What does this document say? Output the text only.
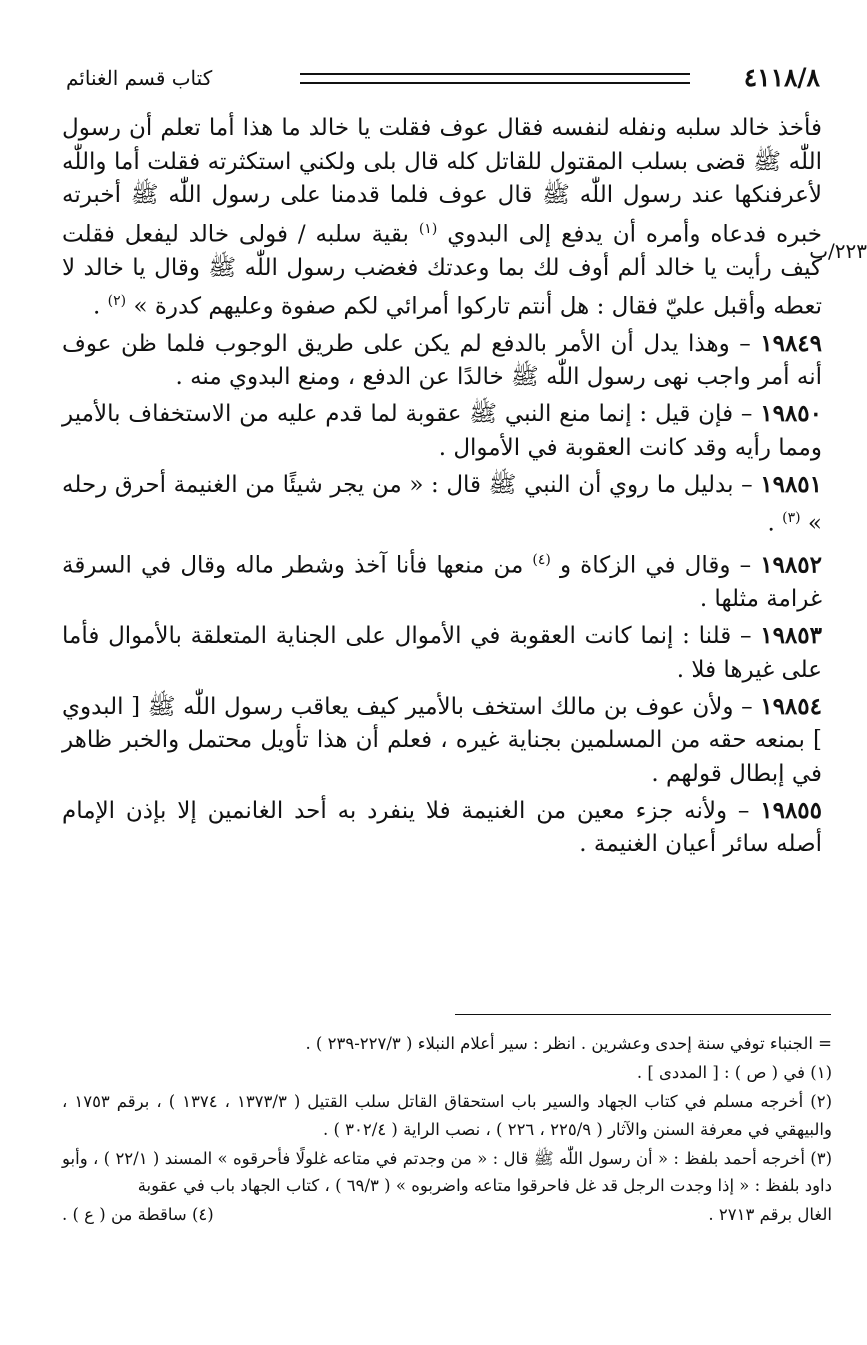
٤١١٨/٨
كتاب قسم الغنائم
٢٢٣/ب

فأخذ خالد سلبه ونفله لنفسه فقال عوف فقلت يا خالد ما هذا أما تعلم أن رسول اللّٰه ﷺ قضى بسلب المقتول للقاتل كله قال بلى ولكني استكثرته فقلت أما واللّٰه لأعرفنكها عند رسول اللّٰه ﷺ قال عوف فلما قدمنا على رسول اللّٰه ﷺ أخبرته خبره فدعاه وأمره أن يدفع إلى البدوي $^{(١)}$ بقية سلبه / فولى خالد ليفعل فقلت كيف رأيت يا خالد ألم أوف لك بما وعدتك فغضب رسول اللّٰه ﷺ وقال يا خالد لا تعطه وأقبل عليّ فقال : هل أنتم تاركوا أمرائي لكم صفوة وعليهم كدرة » $^{(٢)}$ .

١٩٨٤٩ – وهذا يدل أن الأمر بالدفع لم يكن على طريق الوجوب فلما ظن عوف أنه أمر واجب نهى رسول اللّٰه ﷺ خالدًا عن الدفع ، ومنع البدوي منه .

١٩٨٥٠ – فإن قيل : إنما منع النبي ﷺ عقوبة لما قدم عليه من الاستخفاف بالأمير ومما رأيه وقد كانت العقوبة في الأموال .

١٩٨٥١ – بدليل ما روي أن النبي ﷺ قال : « من يجر شيئًا من الغنيمة أحرق رحله » $^{(٣)}$ .

١٩٨٥٢ – وقال في الزكاة و $^{(٤)}$ من منعها فأنا آخذ وشطر ماله وقال في السرقة غرامة مثلها .

١٩٨٥٣ – قلنا : إنما كانت العقوبة في الأموال على الجناية المتعلقة بالأموال فأما على غيرها فلا .

١٩٨٥٤ – ولأن عوف بن مالك استخف بالأمير كيف يعاقب رسول اللّٰه ﷺ [ البدوي ] بمنعه حقه من المسلمين بجناية غيره ، فعلم أن هذا تأويل محتمل والخبر ظاهر في إبطال قولهم .

١٩٨٥٥ – ولأنه جزء معين من الغنيمة فلا ينفرد به أحد الغانمين إلا بإذن الإمام أصله سائر أعيان الغنيمة .

= الجنباء توفي سنة إحدى وعشرين . انظر : سير أعلام النبلاء ( ٢٢٧/٣-٢٣٩ ) .

(١) في ( ص ) : [ المددى ] .

(٢) أخرجه مسلم في كتاب الجهاد والسير باب استحقاق القاتل سلب القتيل ( ١٣٧٣/٣ ، ١٣٧٤ ) ، برقم ١٧٥٣ ، والبيهقي في معرفة السنن والآثار ( ٢٢٥/٩ ، ٢٢٦ ) ، نصب الراية ( ٣٠٢/٤ ) .

(٣) أخرجه أحمد بلفظ : « أن رسول اللّٰه ﷺ قال : « من وجدتم في متاعه غلولًا فأحرقوه » المسند ( ٢٢/١ ) ، وأبو داود بلفظ : « إذا وجدت الرجل قد غل فاحرقوا متاعه واضربوه » ( ٦٩/٣ ) ، كتاب الجهاد باب في عقوبة

الغال برقم ٢٧١٣ .
(٤) ساقطة من ( ع ) .
